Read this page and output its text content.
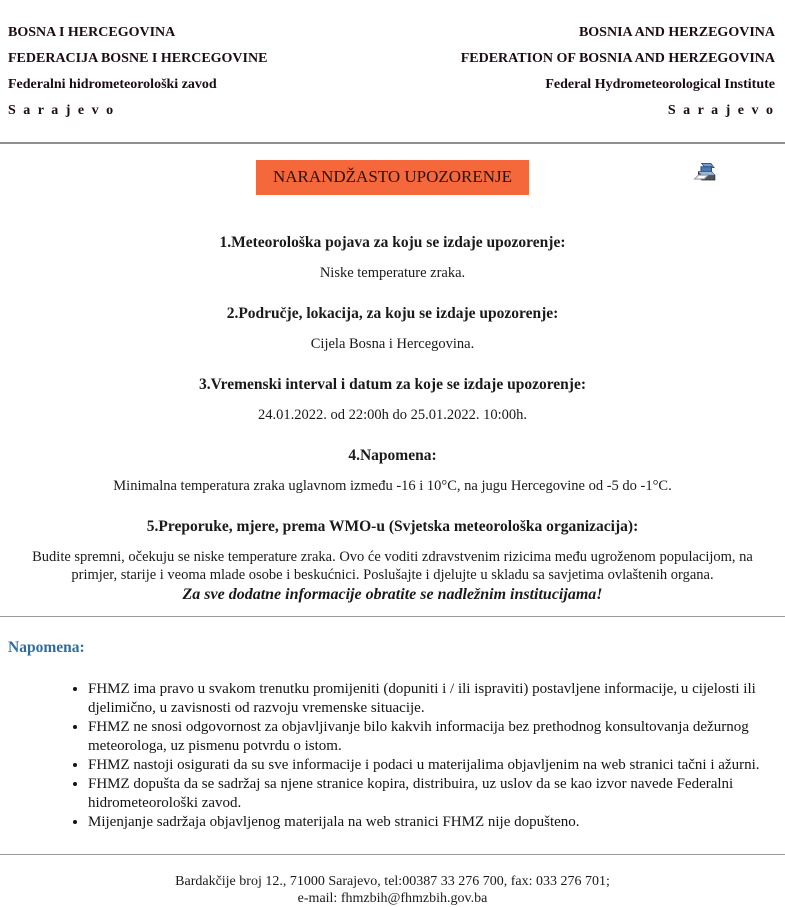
BOSNA I HERCEGOVINA
FEDERACIJA BOSNE I HERCEGOVINE
Federalni hidrometeorološki zavod
S a r a j e v o
BOSNIA AND HERZEGOVINA
FEDERATION OF BOSNIA AND HERZEGOVINA
Federal Hydrometeorological Institute
S a r a j e v o
NARANDŽASTO UPOZORENJE
1.Meteorološka pojava za koju se izdaje upozorenje:
Niske temperature zraka.
2.Područje, lokacija, za koju se izdaje upozorenje:
Cijela Bosna i Hercegovina.
3.Vremenski interval i datum za koje se izdaje upozorenje:
24.01.2022. od 22:00h do 25.01.2022. 10:00h.
4.Napomena:
Minimalna temperatura zraka uglavnom između -16 i 10°C, na jugu Hercegovine od -5 do -1°C.
5.Preporuke, mjere, prema WMO-u (Svjetska meteorološka organizacija):
Budite spremni, očekuju se niske temperature zraka. Ovo će voditi zdravstvenim rizicima među ugroženom populacijom, na primjer, starije i veoma mlade osobe i beskućnici. Poslušajte i djelujte u skladu sa savjetima ovlaštenih organa.
Za sve dodatne informacije obratite se nadležnim institucijama!
Napomena:
• FHMZ ima pravo u svakom trenutku promijeniti (dopuniti i / ili ispraviti) postavljene informacije, u cijelosti ili djelimično, u zavisnosti od razvoju vremenske situacije.
• FHMZ ne snosi odgovornost za objavljivanje bilo kakvih informacija bez prethodnog konsultovanja dežurnog meteorologa, uz pismenu potvrdu o istom.
• FHMZ nastoji osigurati da su sve informacije i podaci u materijalima objavljenim na web stranici tačni i ažurni.
• FHMZ dopušta da se sadržaj sa njene stranice kopira, distribuira, uz uslov da se kao izvor navede Federalni hidrometeorološki zavod.
• Mijenjanje sadržaja objavljenog materijala na web stranici FHMZ nije dopušteno.
Bardakčije broj 12., 71000 Sarajevo, tel:00387 33 276 700, fax: 033 276 701;
e-mail: fhmzbih@fhmzbih.gov.ba
